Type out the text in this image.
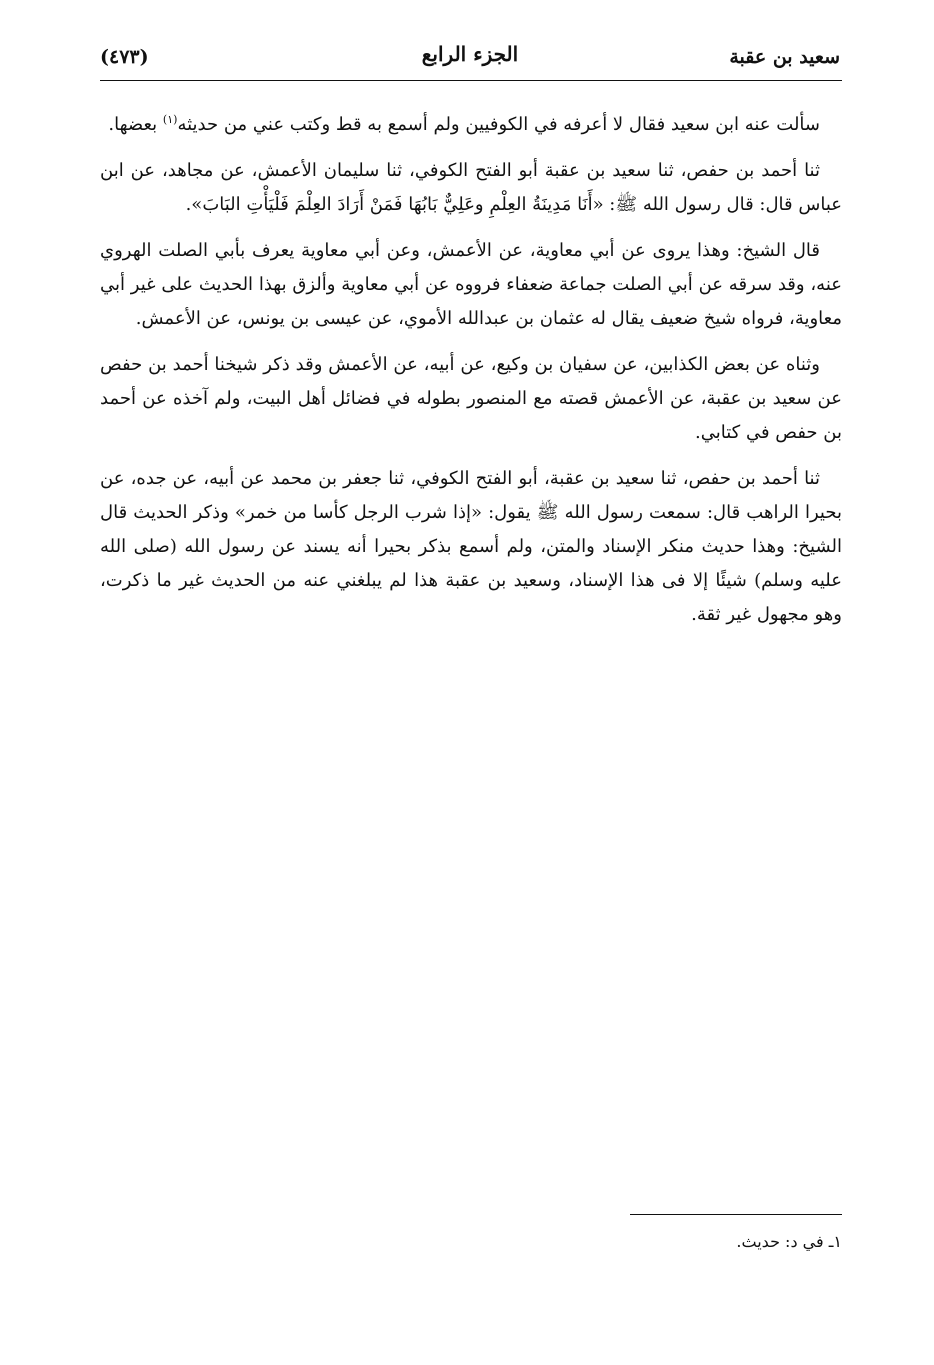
سعيد بن عقبة
الجزء الرابع
(٤٧٣)

سألت عنه ابن سعيد فقال لا أعرفه في الكوفيين ولم أسمع به قط وكتب عني من حديثه$^{(١)}$ بعضها.

ثنا أحمد بن حفص، ثنا سعيد بن عقبة أبو الفتح الكوفي، ثنا سليمان الأعمش، عن مجاهد، عن ابن عباس قال: قال رسول الله ﷺ: «أَنَا مَدِينَةُ العِلْمِ وعَلِيٌّ بَابُهَا فَمَنْ أَرَادَ العِلْمَ فَلْيَأْتِ البَابَ».

قال الشيخ: وهذا يروى عن أبي معاوية، عن الأعمش، وعن أبي معاوية يعرف بأبي الصلت الهروي عنه، وقد سرقه عن أبي الصلت جماعة ضعفاء فرووه عن أبي معاوية وألزق بهذا الحديث على غير أبي معاوية، فرواه شيخ ضعيف يقال له عثمان بن عبدالله الأموي، عن عيسى بن يونس، عن الأعمش.

وثناه عن بعض الكذابين، عن سفيان بن وكيع، عن أبيه، عن الأعمش وقد ذكر شيخنا أحمد بن حفص عن سعيد بن عقبة، عن الأعمش قصته مع المنصور بطوله في فضائل أهل البيت، ولم آخذه عن أحمد بن حفص في كتابي.

ثنا أحمد بن حفص، ثنا سعيد بن عقبة، أبو الفتح الكوفي، ثنا جعفر بن محمد عن أبيه، عن جده، عن بحيرا الراهب قال: سمعت رسول الله ﷺ يقول: «إذا شرب الرجل كأسا من خمر» وذكر الحديث قال الشيخ: وهذا حديث منكر الإسناد والمتن، ولم أسمع بذكر بحيرا أنه يسند عن رسول الله (صلى الله عليه وسلم) شيئًا إلا فى هذا الإسناد، وسعيد بن عقبة هذا لم يبلغني عنه من الحديث غير ما ذكرت، وهو مجهول غير ثقة.

١ـ في د: حديث.
